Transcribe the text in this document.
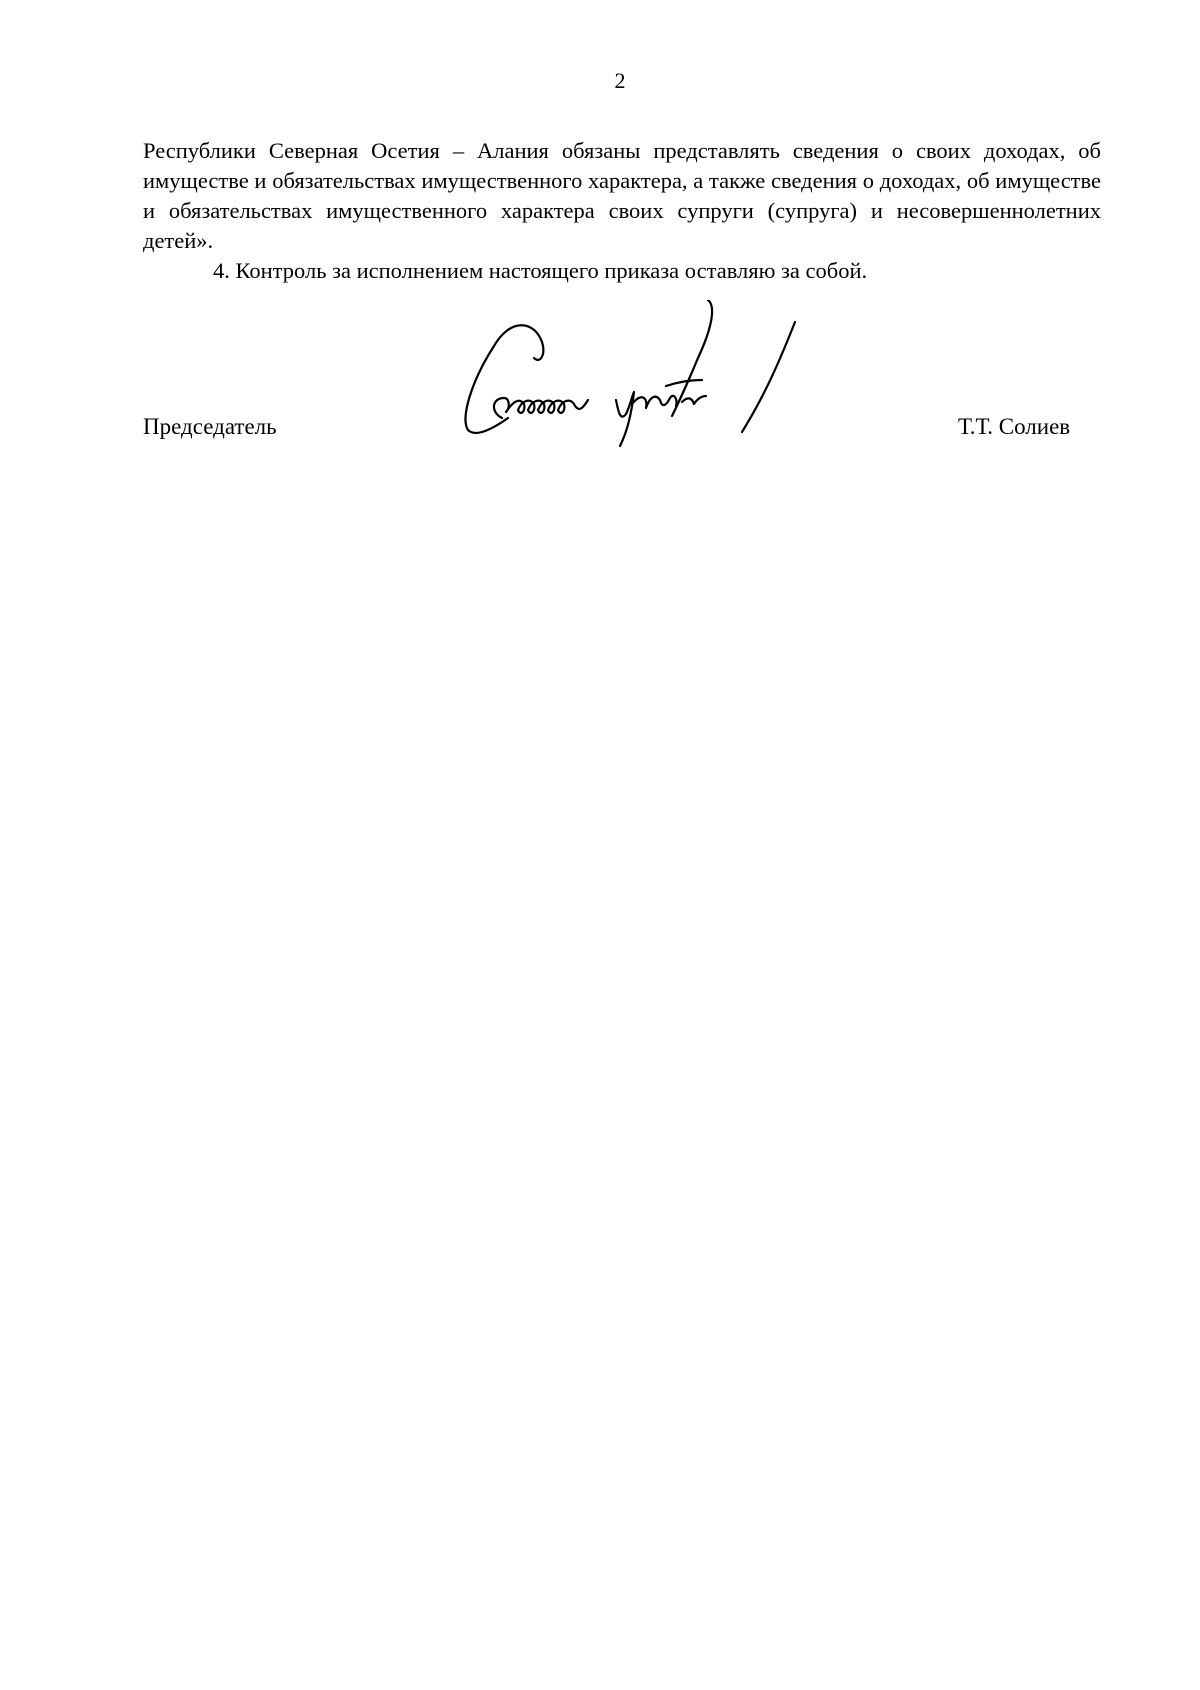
2

Республики Северная Осетия – Алания обязаны представлять сведения о своих доходах, об имуществе и обязательствах имущественного характера, а также сведения о доходах, об имуществе и обязательствах имущественного характера своих супруги (супруга) и несовершеннолетних детей».

4. Контроль за исполнением настоящего приказа оставляю за собой.

Председатель	Т.Т. Солиев
